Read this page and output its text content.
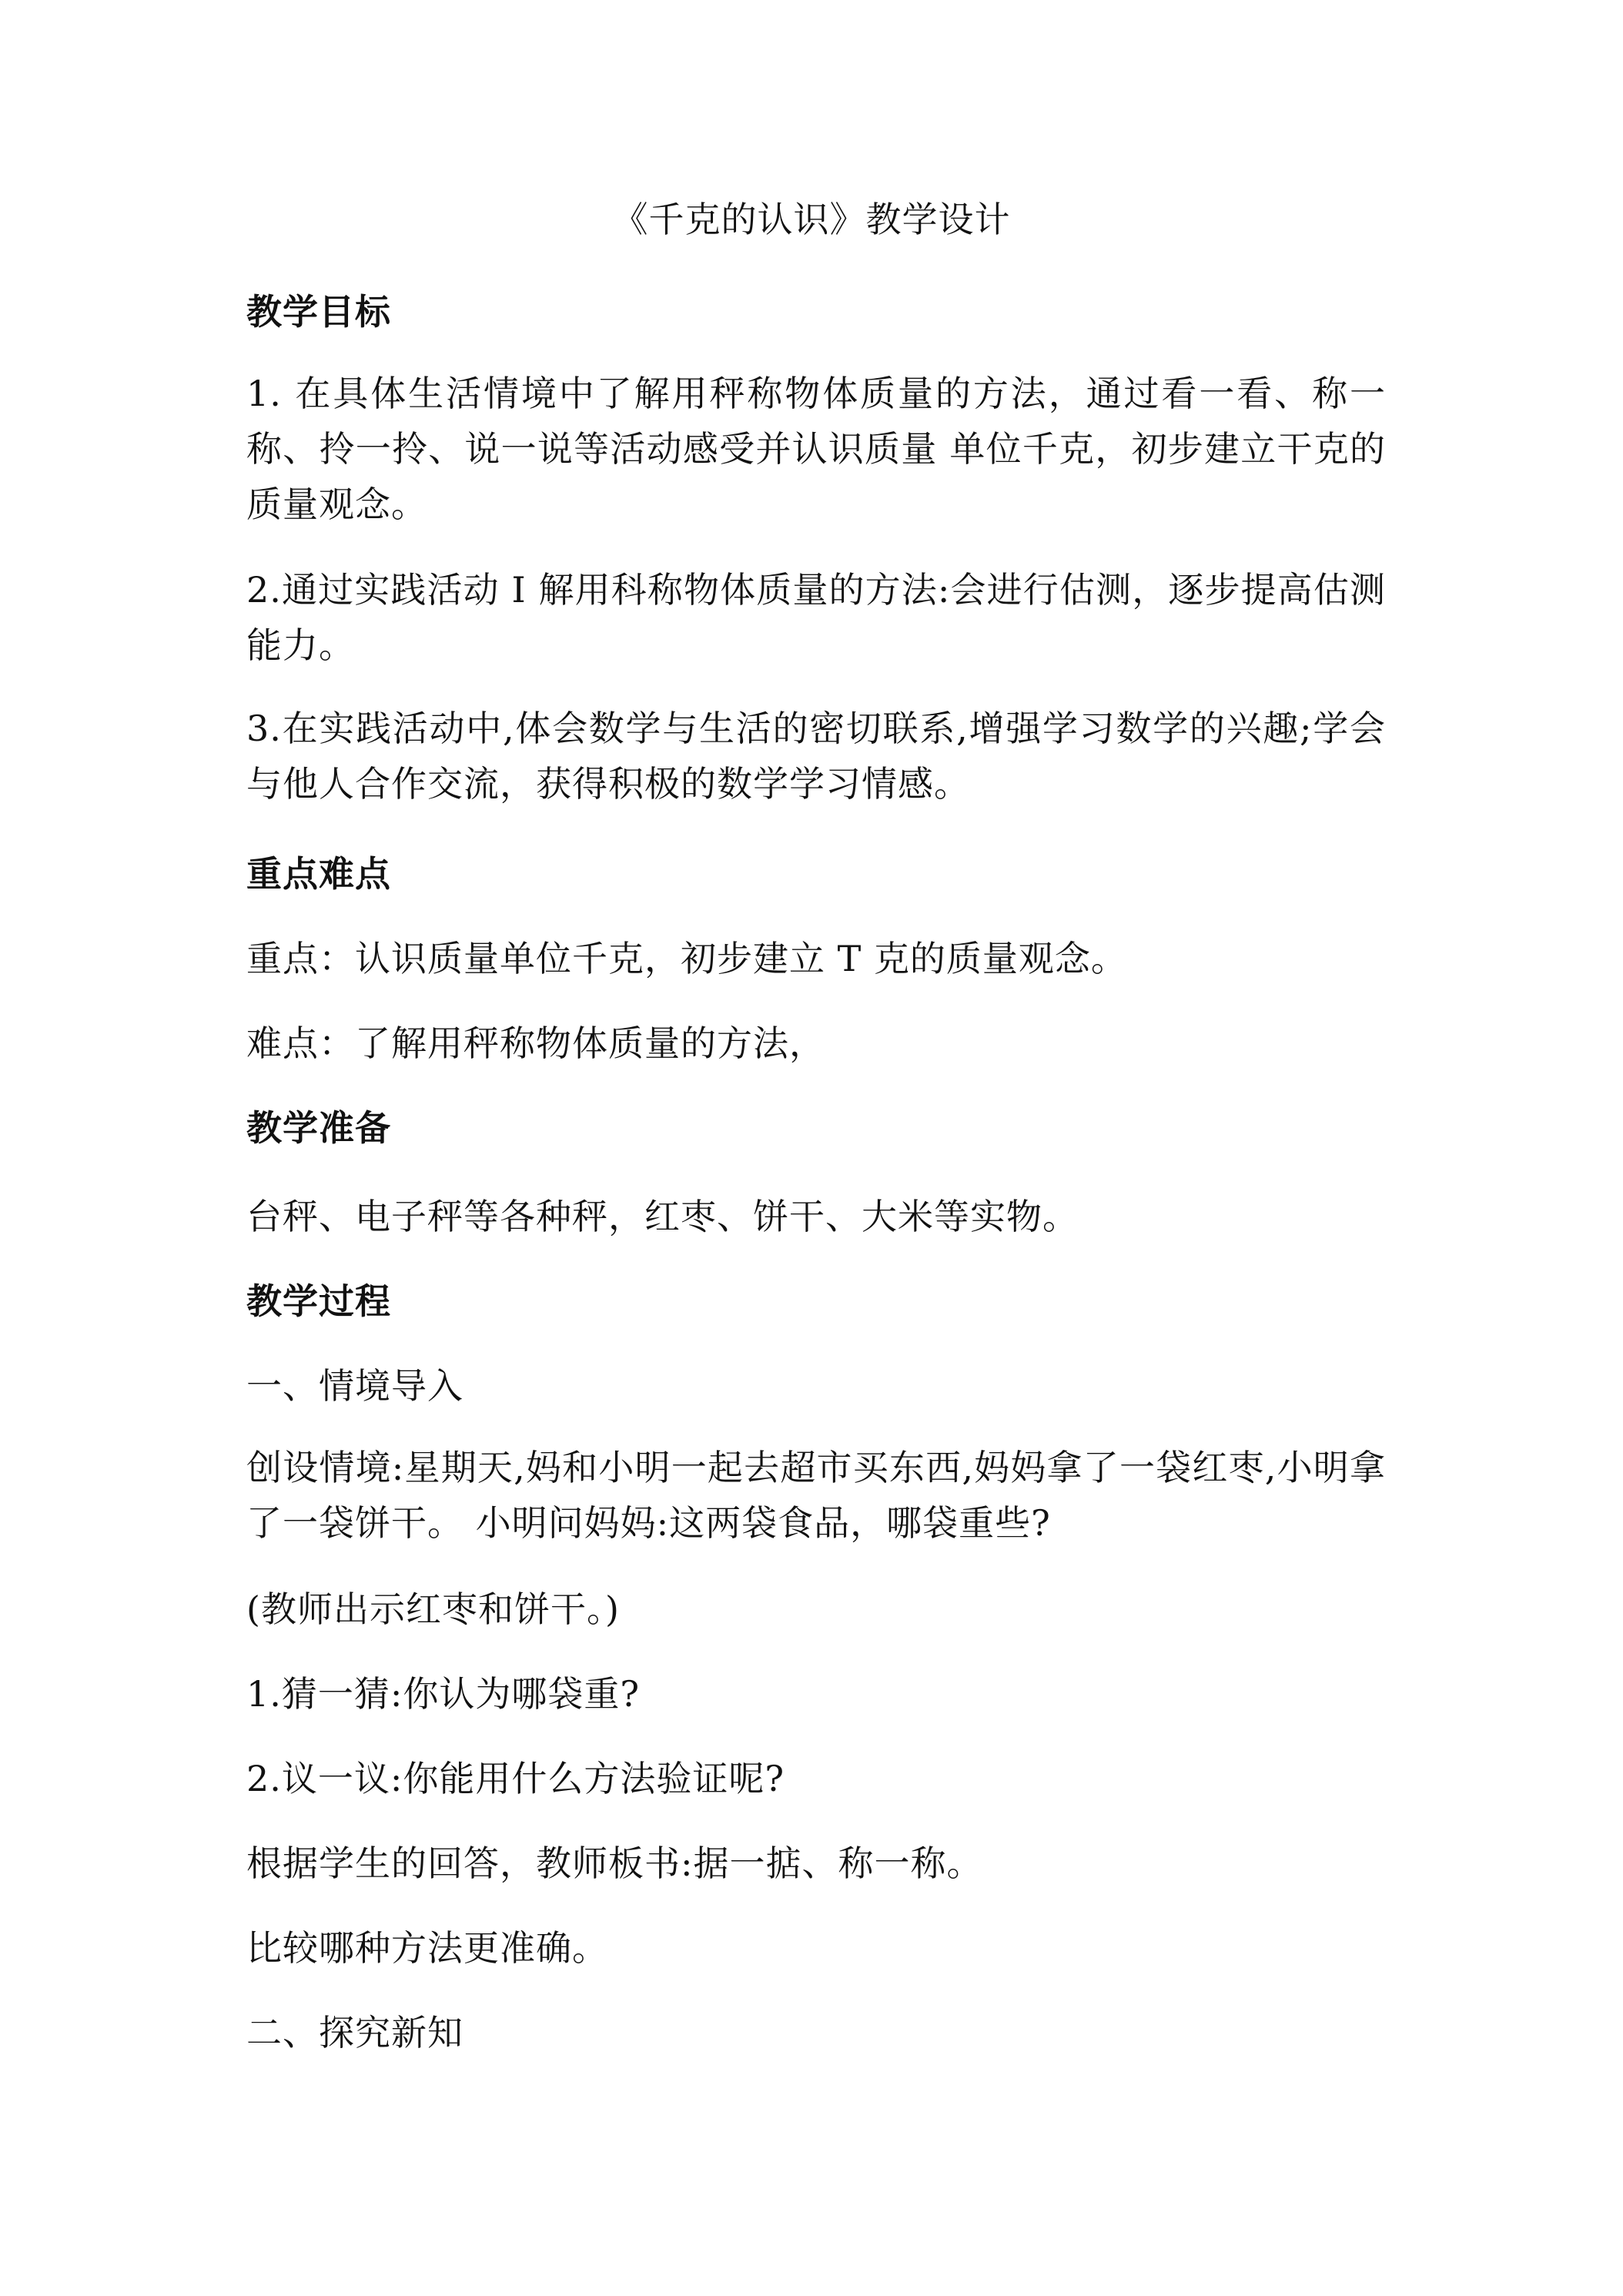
《千克的认识》教学设计
教学目标
1. 在具体生活情境中了解用秤称物体质量的方法，通过看一看、称一称、拎一拎、说一说等活动感受并认识质量 单位千克，初步建立干克的质量观念。
2.通过实践活动 I 解用科称物体质量的方法:会进行估测，逐步提高估测能力。
3.在实践活动中,体会数学与生活的密切联系,增强学习数学的兴趣;学会与他人合作交流，获得积极的数学学习情感。
重点难点
重点：认识质量单位千克，初步建立 T 克的质量观念。
难点：了解用秤称物体质量的方法，
教学准备
台秤、电子秤等各种秤，红枣、饼干、大米等实物。
教学过程
一、情境导入
创设情境:星期天,妈和小明一起去超市买东西,妈妈拿了一袋红枣,小明拿了一袋饼干。 小明问妈妈:这两袋食品，哪袋重些?
(教师出示红枣和饼干。)
1.猜一猜:你认为哪袋重?
2.议一议:你能用什么方法验证呢?
根据学生的回答，教师板书:据一掂、称一称。
比较哪种方法更准确。
二、探究新知
